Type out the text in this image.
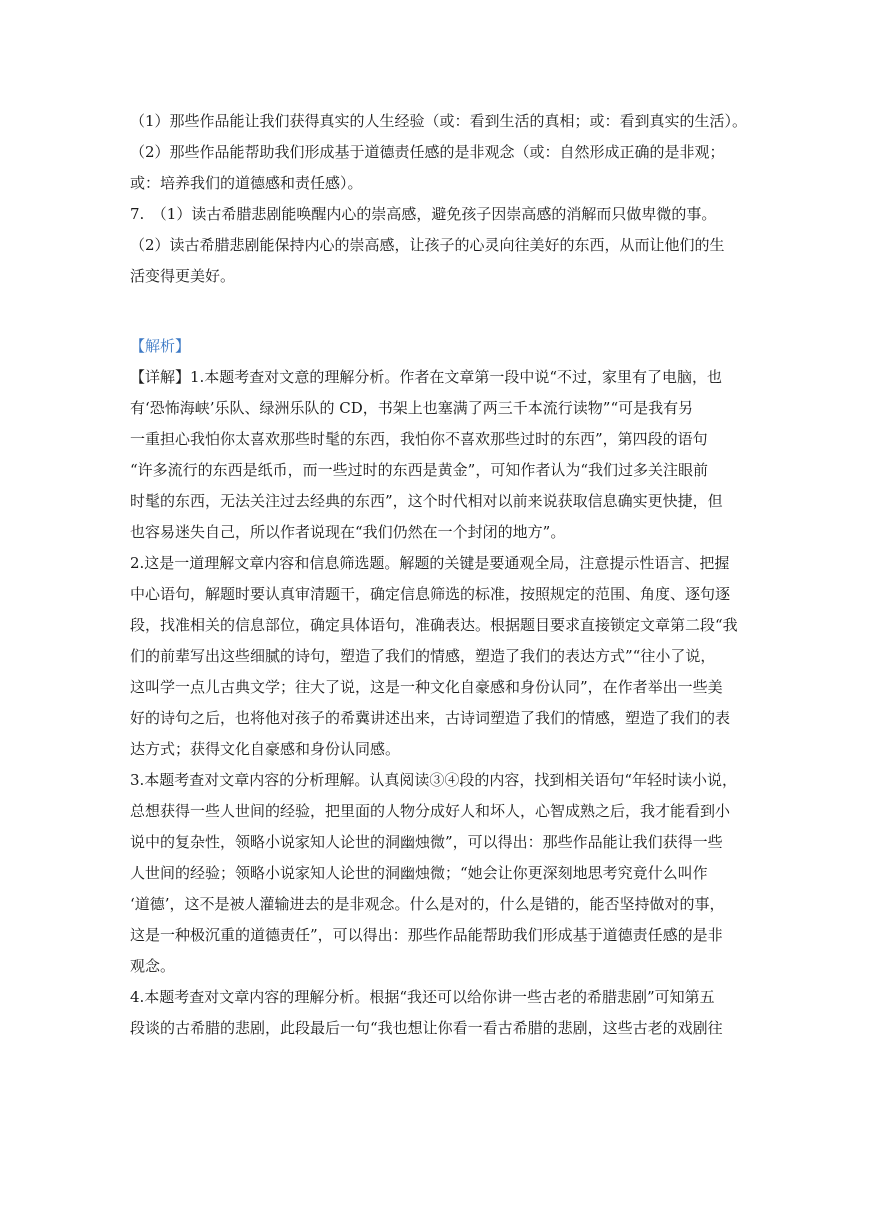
（1）那些作品能让我们获得真实的人生经验（或：看到生活的真相；或：看到真实的生活）。
（2）那些作品能帮助我们形成基于道德责任感的是非观念（或：自然形成正确的是非观；
或：培养我们的道德感和责任感）。
7.　（1）读古希腊悲剧能唤醒内心的崇高感，避免孩子因崇高感的消解而只做卑微的事。
（2）读古希腊悲剧能保持内心的崇高感，让孩子的心灵向往美好的东西，从而让他们的生
活变得更美好。
【解析】
【详解】1.本题考查对文意的理解分析。作者在文章第一段中说“不过，家里有了电脑，也
有‘恐怖海峡’乐队、绿洲乐队的 CD，书架上也塞满了两三千本流行读物”“可是我有另
一重担心我怕你太喜欢那些时髦的东西，我怕你不喜欢那些过时的东西”，第四段的语句
“许多流行的东西是纸币，而一些过时的东西是黄金”，可知作者认为“我们过多关注眼前
时髦的东西，无法关注过去经典的东西”，这个时代相对以前来说获取信息确实更快捷，但
也容易迷失自己，所以作者说现在“我们仍然在一个封闭的地方”。
2.这是一道理解文章内容和信息筛选题。解题的关键是要通观全局，注意提示性语言、把握
中心语句，解题时要认真审清题干，确定信息筛选的标准，按照规定的范围、角度、逐句逐
段，找准相关的信息部位，确定具体语句，准确表达。根据题目要求直接锁定文章第二段“我
们的前辈写出这些细腻的诗句，塑造了我们的情感，塑造了我们的表达方式”“往小了说，
这叫学一点儿古典文学；往大了说，这是一种文化自豪感和身份认同”，在作者举出一些美
好的诗句之后，也将他对孩子的希冀讲述出来，古诗词塑造了我们的情感，塑造了我们的表
达方式；获得文化自豪感和身份认同感。
3.本题考查对文章内容的分析理解。认真阅读③④段的内容，找到相关语句“年轻时读小说，
总想获得一些人世间的经验，把里面的人物分成好人和坏人，心智成熟之后，我才能看到小
说中的复杂性，领略小说家知人论世的洞幽烛微”，可以得出：那些作品能让我们获得一些
人世间的经验；领略小说家知人论世的洞幽烛微；“她会让你更深刻地思考究竟什么叫作
‘道德’，这不是被人灌输进去的是非观念。什么是对的，什么是错的，能否坚持做对的事，
这是一种极沉重的道德责任”，可以得出：那些作品能帮助我们形成基于道德责任感的是非
观念。
4.本题考查对文章内容的理解分析。根据“我还可以给你讲一些古老的希腊悲剧”可知第五
段谈的古希腊的悲剧，此段最后一句“我也想让你看一看古希腊的悲剧，这些古老的戏剧往
